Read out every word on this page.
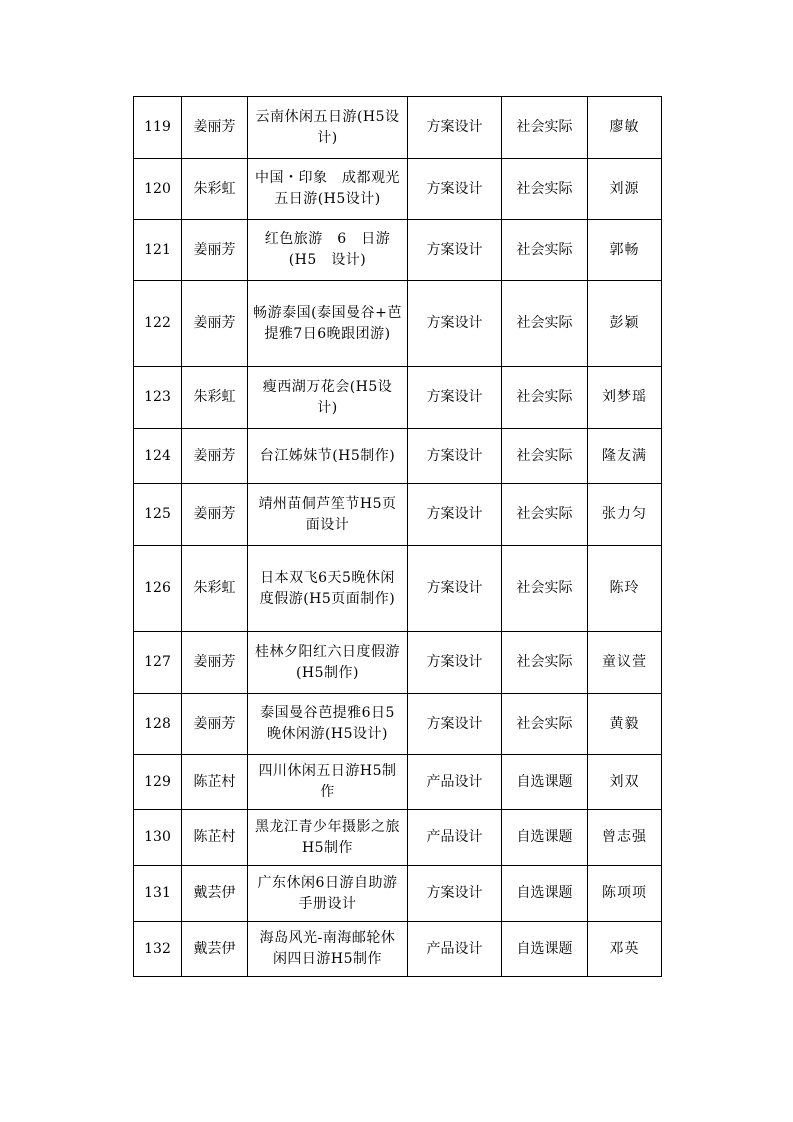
119	姜丽芳	云南休闲五日游(H5设计)	方案设计	社会实际	廖敏
120	朱彩虹	中国・印象　成都观光五日游(H5设计)	方案设计	社会实际	刘源
121	姜丽芳	红色旅游　6　日游　(H5　设计)	方案设计	社会实际	郭畅
122	姜丽芳	畅游泰国(泰国曼谷+芭提雅7日6晚跟团游)	方案设计	社会实际	彭颖
123	朱彩虹	瘦西湖万花会(H5设计)	方案设计	社会实际	刘梦瑶
124	姜丽芳	台江姊妹节(H5制作)	方案设计	社会实际	隆友满
125	姜丽芳	靖州苗侗芦笙节H5页面设计	方案设计	社会实际	张力匀
126	朱彩虹	日本双飞6天5晚休闲度假游(H5页面制作)	方案设计	社会实际	陈玲
127	姜丽芳	桂林夕阳红六日度假游(H5制作)	方案设计	社会实际	童议萱
128	姜丽芳	泰国曼谷芭提雅6日5晚休闲游(H5设计)	方案设计	社会实际	黄毅
129	陈芷村	四川休闲五日游H5制作	产品设计	自选课题	刘双
130	陈芷村	黑龙江青少年摄影之旅H5制作	产品设计	自选课题	曾志强
131	戴芸伊	广东休闲6日游自助游手册设计	方案设计	自选课题	陈项项
132	戴芸伊	海岛风光-南海邮轮休闲四日游H5制作	产品设计	自选课题	邓英
